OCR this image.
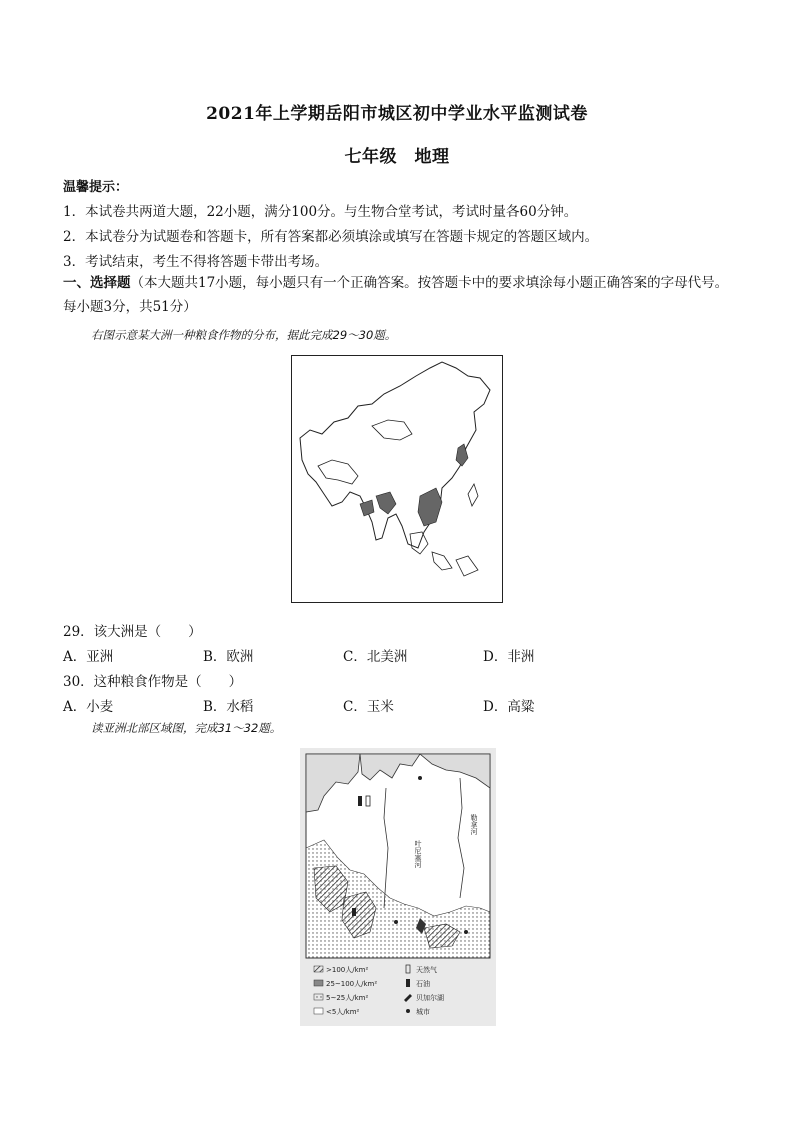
2021年上学期岳阳市城区初中学业水平监测试卷
七年级　地理
温馨提示：
1．本试卷共两道大题，22小题，满分100分。与生物合堂考试，考试时量各60分钟。
2．本试卷分为试题卷和答题卡，所有答案都必须填涂或填写在答题卡规定的答题区域内。
3．考试结束，考生不得将答题卡带出考场。
一、选择题（本大题共17小题，每小题只有一个正确答案。按答题卡中的要求填涂每小题正确答案的字母代号。每小题3分，共51分）
右图示意某大洲一种粮食作物的分布，据此完成29～30题。
29．该大洲是（　　）
A．亚洲	B．欧洲	C．北美洲	D．非洲
30．这种粮食作物是（　　）
A．小麦	B．水稻	C．玉米	D．高粱
读亚洲北部区域图，完成31～32题。
叶尼塞河
勒拿河
>100人/km²
25~100人/km²
5~25人/km²
<5人/km²
天然气
石油
贝加尔湖
城市
